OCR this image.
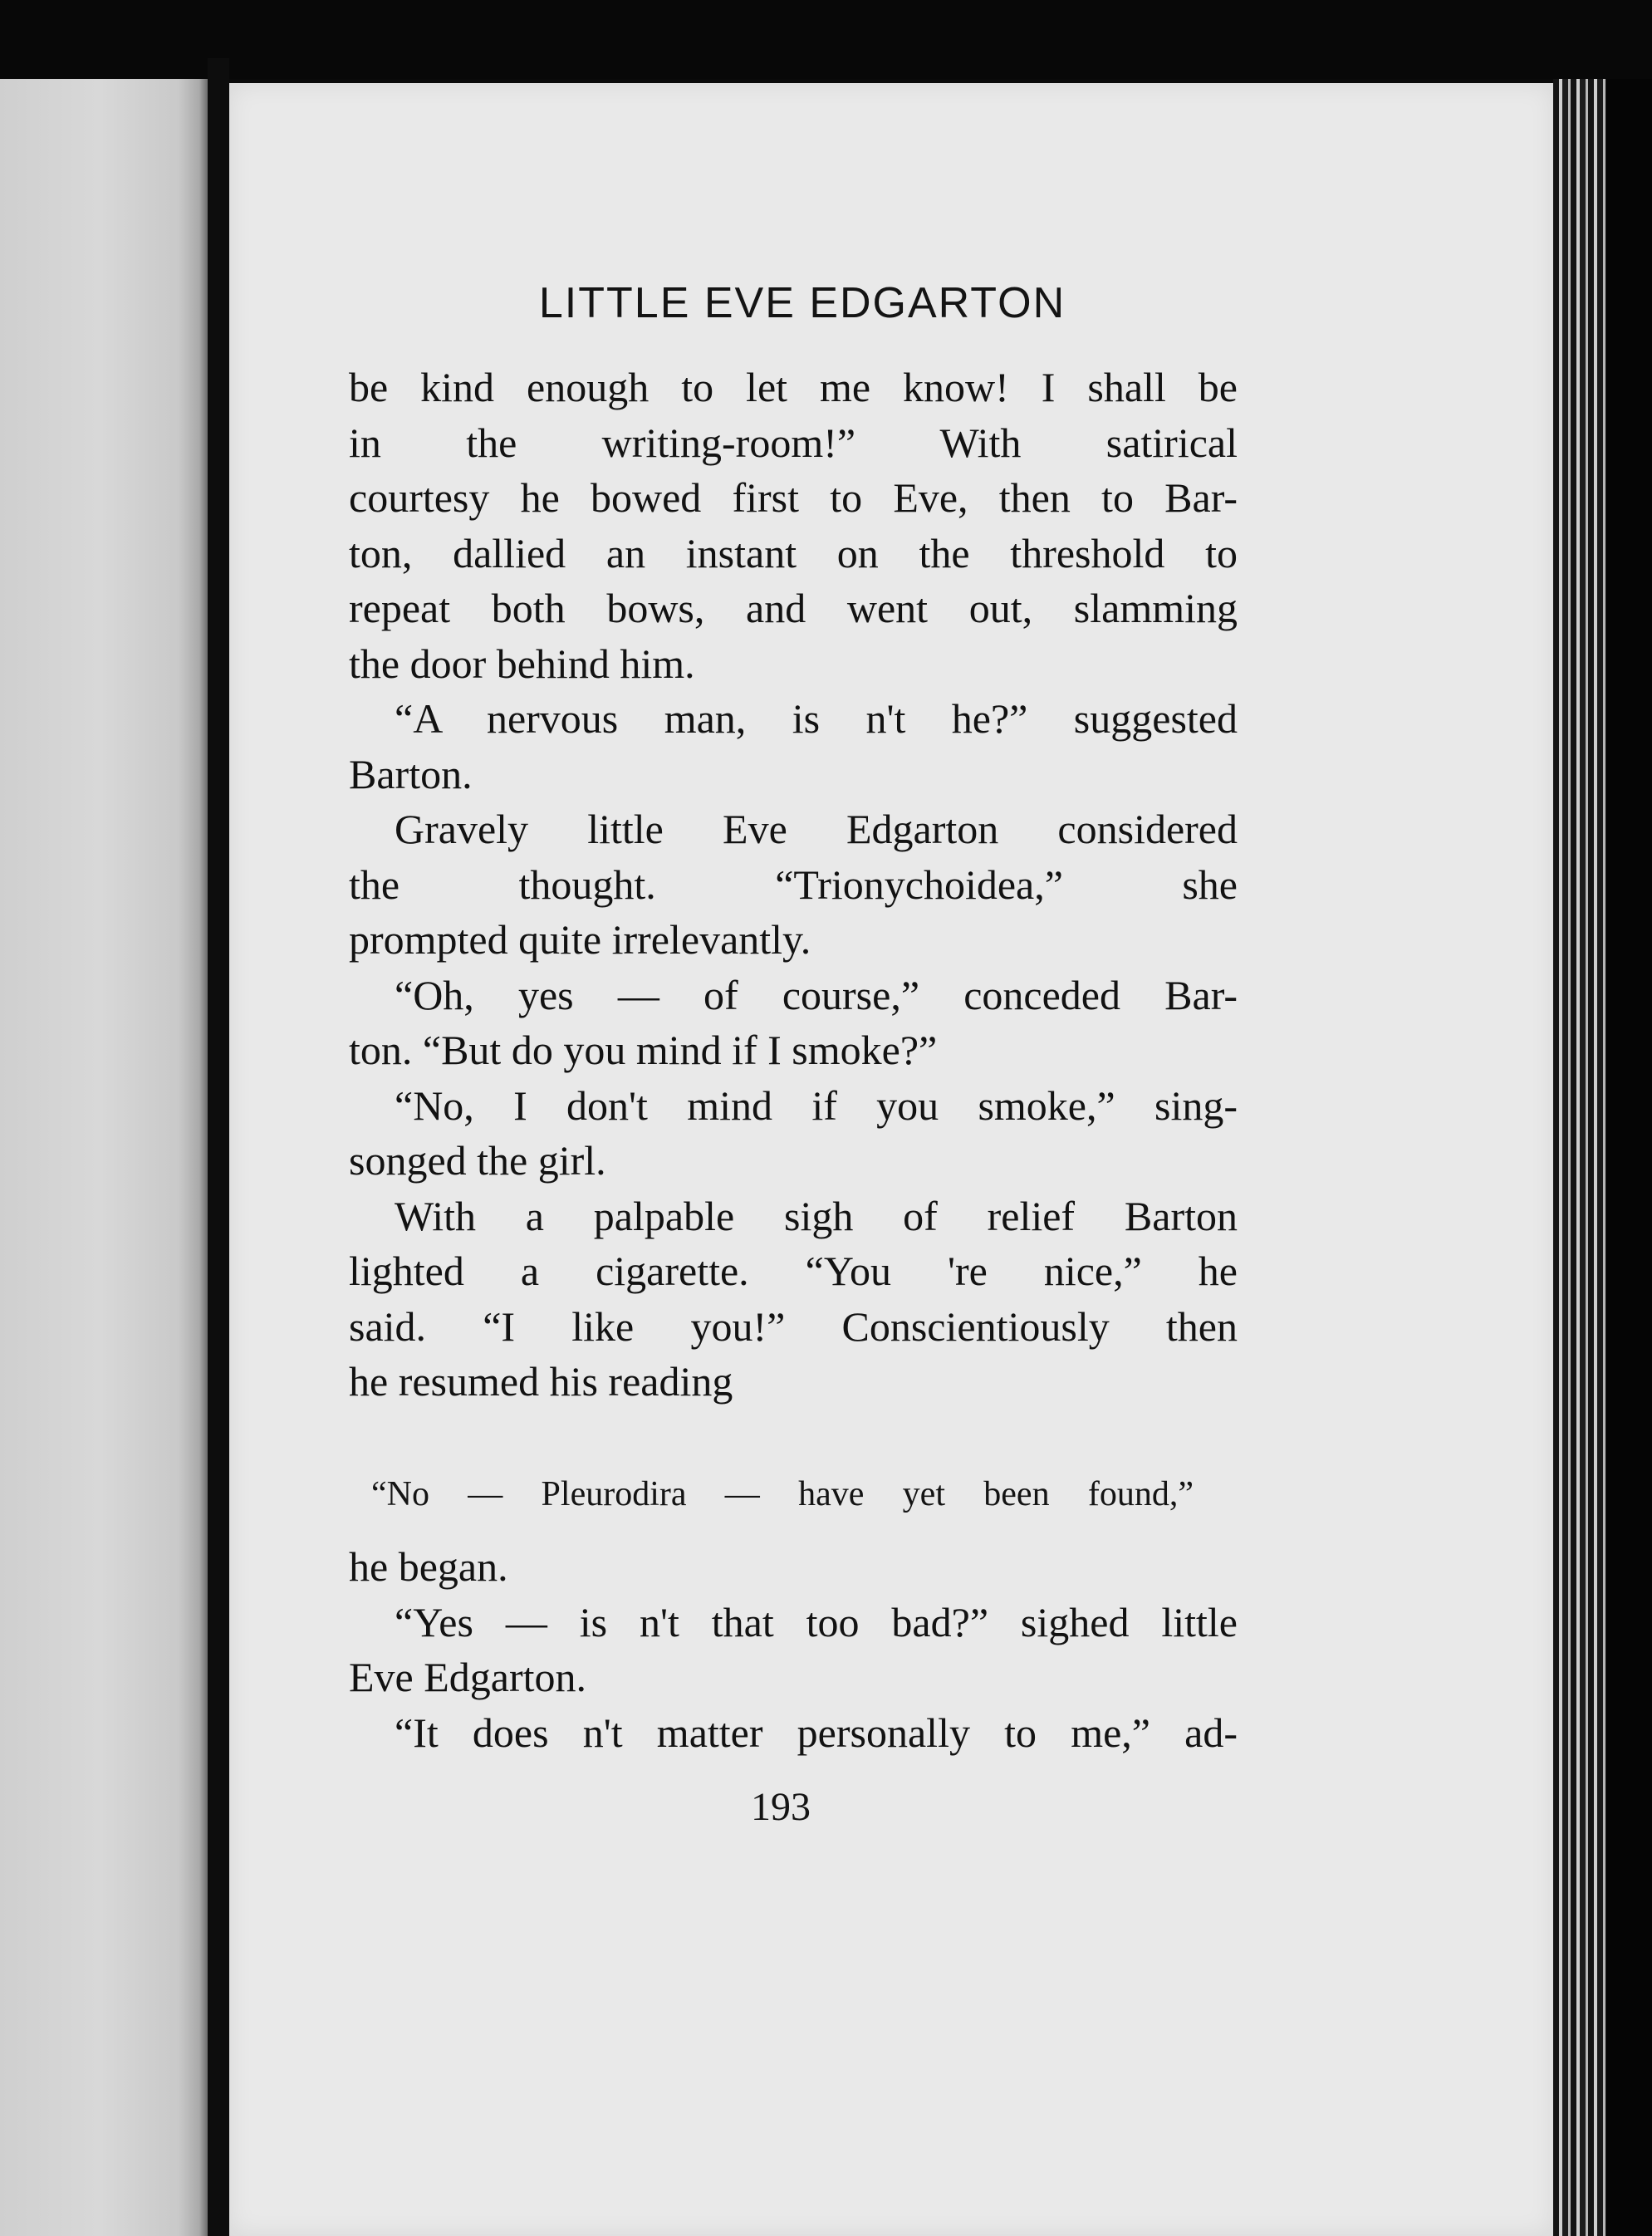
LITTLE EVE EDGARTON
be kind enough to let me know! I shall be
in the writing-room!” With satirical
courtesy he bowed first to Eve, then to Bar-
ton, dallied an instant on the threshold to
repeat both bows, and went out, slamming
the door behind him.
“A nervous man, is n't he?” suggested
Barton.
Gravely little Eve Edgarton considered
the thought. “Trionychoidea,” she
prompted quite irrelevantly.
“Oh, yes — of course,” conceded Bar-
ton. “But do you mind if I smoke?”
“No, I don't mind if you smoke,” sing-
songed the girl.
With a palpable sigh of relief Barton
lighted a cigarette. “You 're nice,” he
said. “I like you!” Conscientiously then
he resumed his reading
“No — Pleurodira — have yet been found,”
he began.
“Yes — is n't that too bad?” sighed little
Eve Edgarton.
“It does n't matter personally to me,” ad-
193
